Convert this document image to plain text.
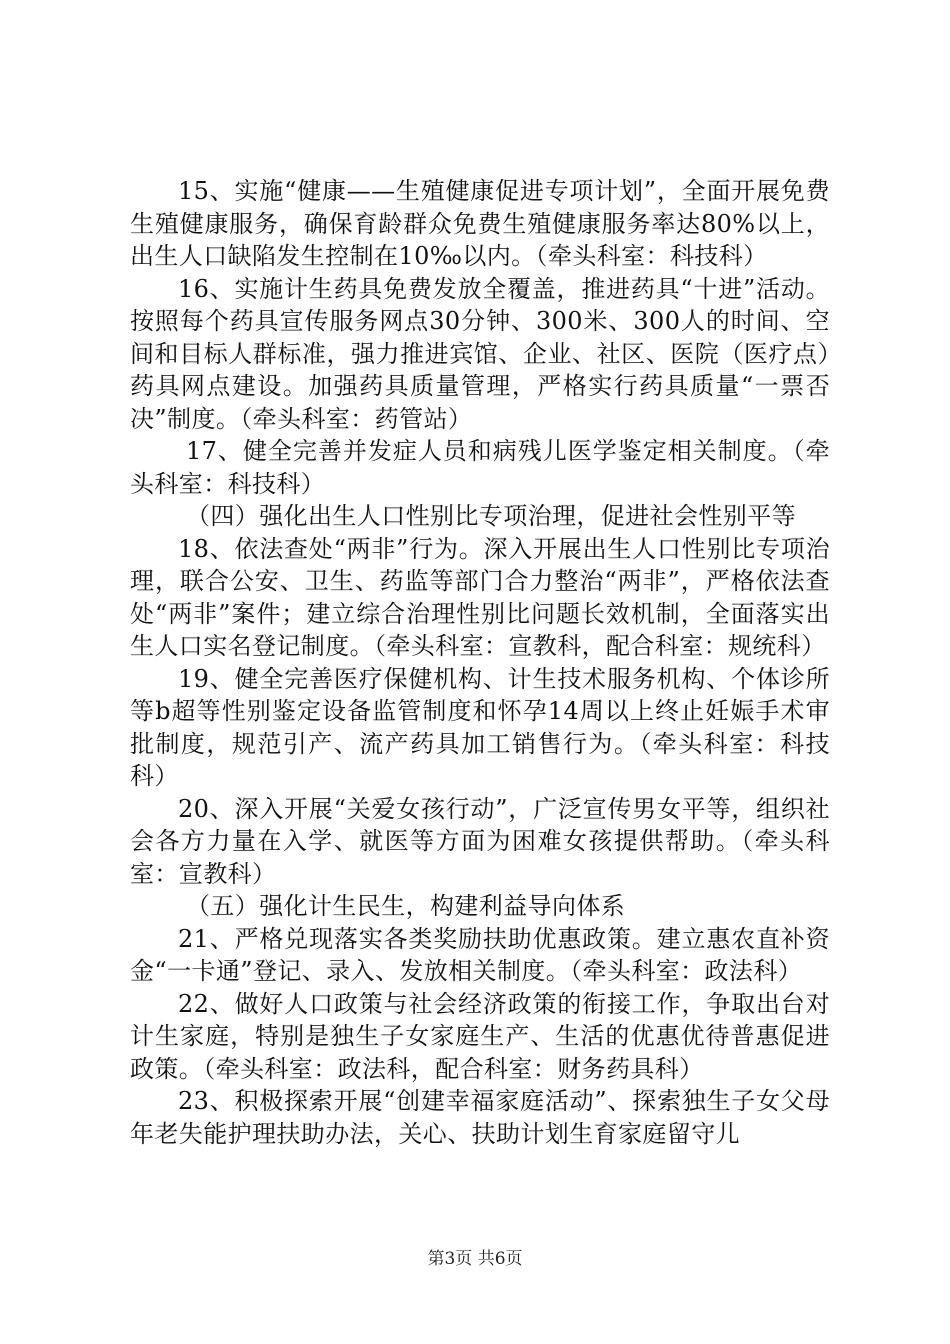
15、实施“健康——生殖健康促进专项计划”，全面开展免费生殖健康服务，确保育龄群众免费生殖健康服务率达80%以上，出生人口缺陷发生控制在10‰以内。（牵头科室：科技科）

16、实施计生药具免费发放全覆盖，推进药具“十进”活动。按照每个药具宣传服务网点30分钟、300米、300人的时间、空间和目标人群标准，强力推进宾馆、企业、社区、医院（医疗点）药具网点建设。加强药具质量管理，严格实行药具质量“一票否决”制度。（牵头科室：药管站）

17、健全完善并发症人员和病残儿医学鉴定相关制度。（牵头科室：科技科）

（四）强化出生人口性别比专项治理，促进社会性别平等

18、依法查处“两非”行为。深入开展出生人口性别比专项治理，联合公安、卫生、药监等部门合力整治“两非”，严格依法查处“两非”案件；建立综合治理性别比问题长效机制，全面落实出生人口实名登记制度。（牵头科室：宣教科，配合科室：规统科）

19、健全完善医疗保健机构、计生技术服务机构、个体诊所等b超等性别鉴定设备监管制度和怀孕14周以上终止妊娠手术审批制度，规范引产、流产药具加工销售行为。（牵头科室：科技科）

20、深入开展“关爱女孩行动”，广泛宣传男女平等，组织社会各方力量在入学、就医等方面为困难女孩提供帮助。（牵头科室：宣教科）

（五）强化计生民生，构建利益导向体系

21、严格兑现落实各类奖励扶助优惠政策。建立惠农直补资金“一卡通”登记、录入、发放相关制度。（牵头科室：政法科）

22、做好人口政策与社会经济政策的衔接工作，争取出台对计生家庭，特别是独生子女家庭生产、生活的优惠优待普惠促进政策。（牵头科室：政法科，配合科室：财务药具科）

23、积极探索开展“创建幸福家庭活动”、探索独生子女父母年老失能护理扶助办法，关心、扶助计划生育家庭留守儿

第3页 共6页
